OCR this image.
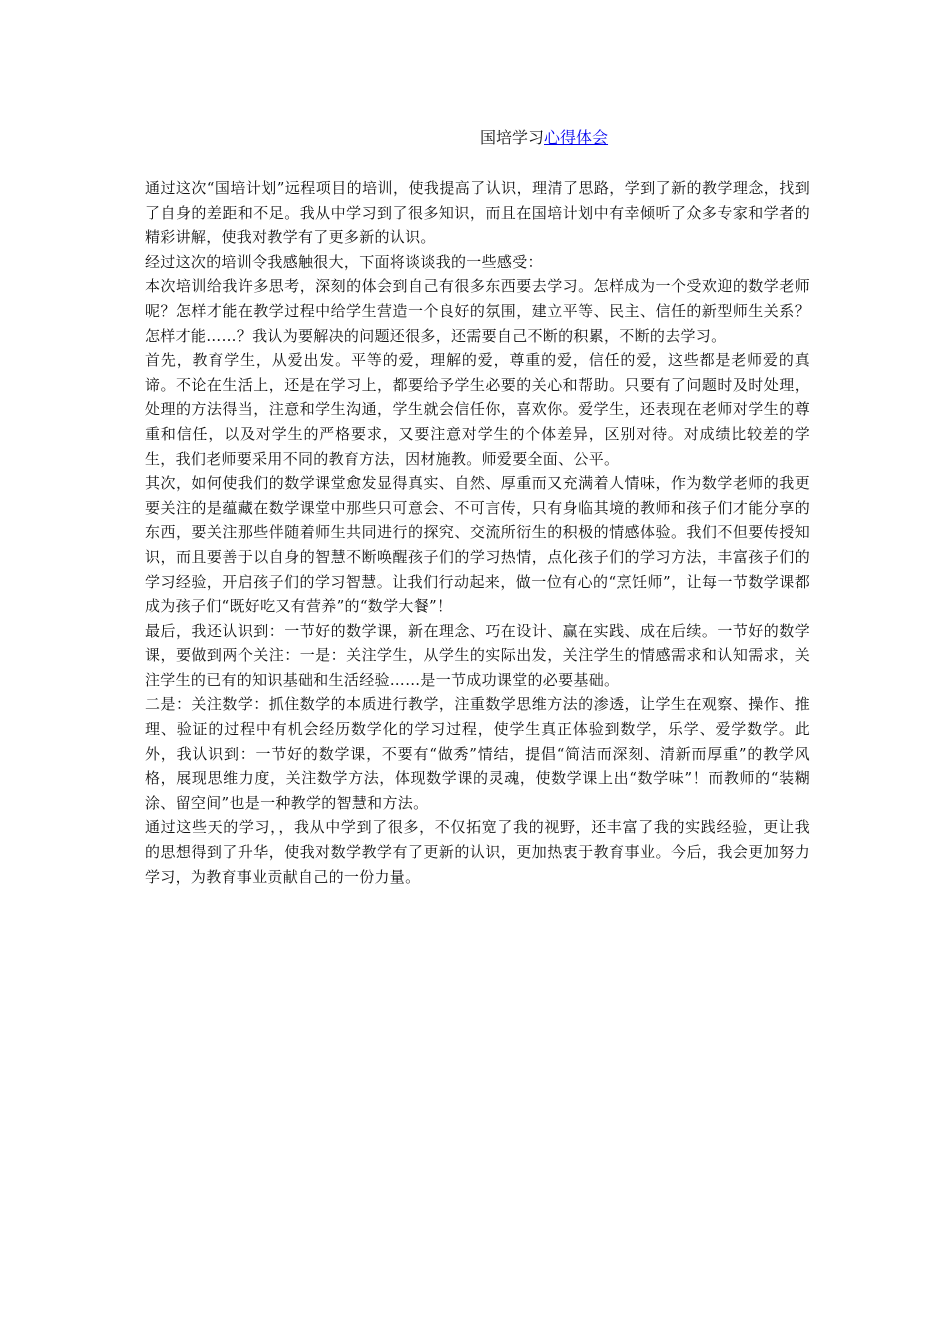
国培学习心得体会

通过这次“国培计划”远程项目的培训，使我提高了认识，理清了思路，学到了新的教学理念，找到了自身的差距和不足。我从中学习到了很多知识，而且在国培计划中有幸倾听了众多专家和学者的精彩讲解，使我对教学有了更多新的认识。

经过这次的培训令我感触很大，下面将谈谈我的一些感受：

本次培训给我许多思考，深刻的体会到自己有很多东西要去学习。怎样成为一个受欢迎的数学老师呢？怎样才能在教学过程中给学生营造一个良好的氛围，建立平等、民主、信任的新型师生关系？怎样才能……？我认为要解决的问题还很多，还需要自己不断的积累，不断的去学习。

首先，教育学生，从爱出发。平等的爱，理解的爱，尊重的爱，信任的爱，这些都是老师爱的真谛。不论在生活上，还是在学习上，都要给予学生必要的关心和帮助。只要有了问题时及时处理，处理的方法得当，注意和学生沟通，学生就会信任你，喜欢你。爱学生，还表现在老师对学生的尊重和信任，以及对学生的严格要求，又要注意对学生的个体差异，区别对待。对成绩比较差的学生，我们老师要采用不同的教育方法，因材施教。师爱要全面、公平。

其次，如何使我们的数学课堂愈发显得真实、自然、厚重而又充满着人情味，作为数学老师的我更要关注的是蕴藏在数学课堂中那些只可意会、不可言传，只有身临其境的教师和孩子们才能分享的东西，要关注那些伴随着师生共同进行的探究、交流所衍生的积极的情感体验。我们不但要传授知识，而且要善于以自身的智慧不断唤醒孩子们的学习热情，点化孩子们的学习方法，丰富孩子们的学习经验，开启孩子们的学习智慧。让我们行动起来，做一位有心的“烹饪师”，让每一节数学课都成为孩子们“既好吃又有营养”的“数学大餐”！

最后，我还认识到：一节好的数学课，新在理念、巧在设计、赢在实践、成在后续。一节好的数学课，要做到两个关注：一是：关注学生，从学生的实际出发，关注学生的情感需求和认知需求，关注学生的已有的知识基础和生活经验……是一节成功课堂的必要基础。

二是：关注数学：抓住数学的本质进行教学，注重数学思维方法的渗透，让学生在观察、操作、推理、验证的过程中有机会经历数学化的学习过程，使学生真正体验到数学，乐学、爱学数学。此外，我认识到：一节好的数学课，不要有“做秀”情结，提倡“简洁而深刻、清新而厚重”的教学风格，展现思维力度，关注数学方法，体现数学课的灵魂，使数学课上出“数学味”！而教师的“装糊涂、留空间”也是一种教学的智慧和方法。

通过这些天的学习，，我从中学到了很多，不仅拓宽了我的视野，还丰富了我的实践经验，更让我的思想得到了升华，使我对数学教学有了更新的认识，更加热衷于教育事业。今后，我会更加努力学习，为教育事业贡献自己的一份力量。
